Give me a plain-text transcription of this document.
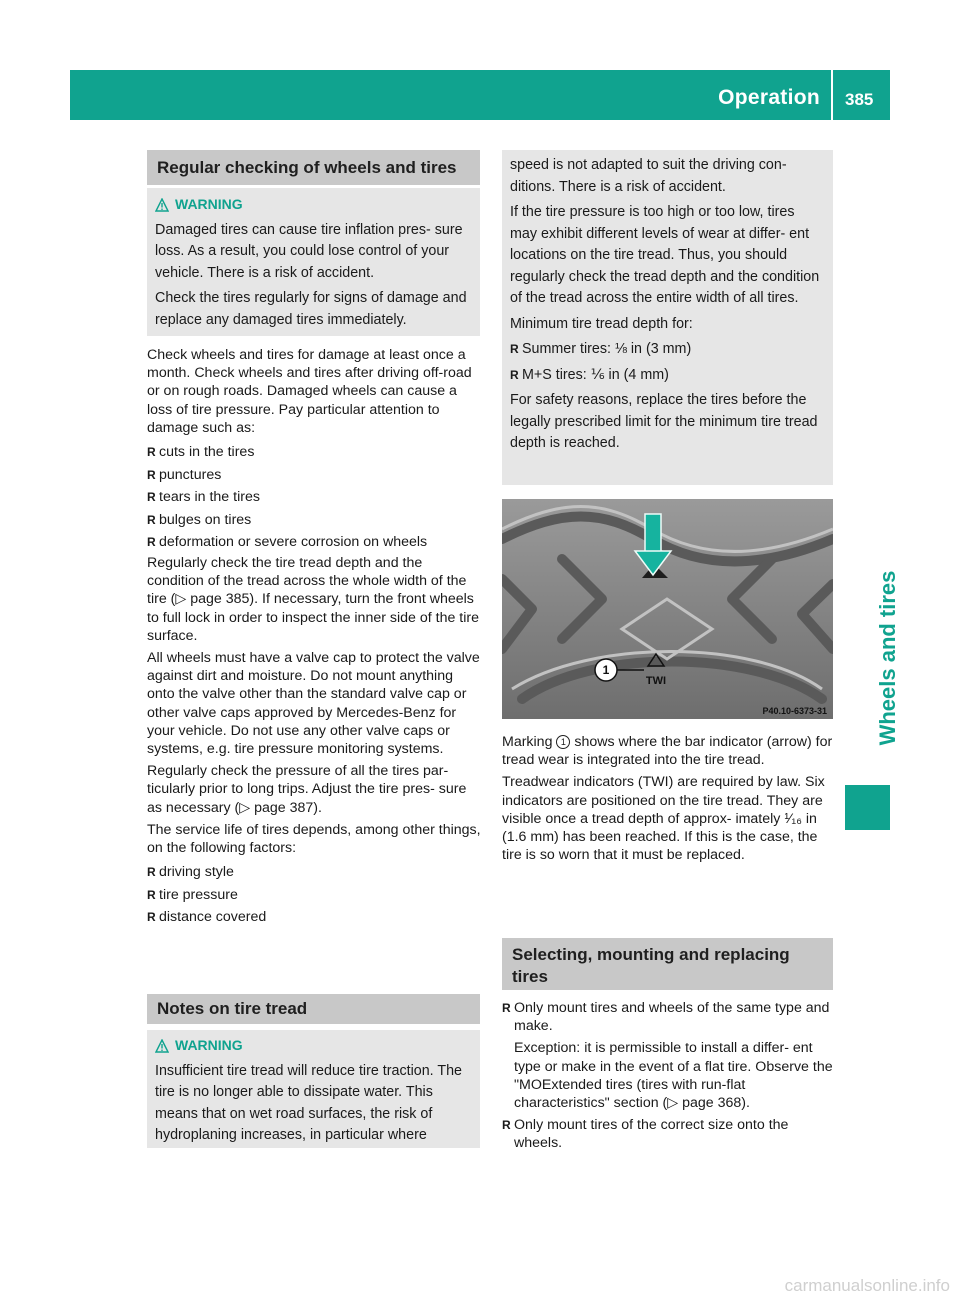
Operation 385
Wheels and tires
Regular checking of wheels and tires
WARNING

Damaged tires can cause tire inflation pres- sure loss. As a result, you could lose control of your vehicle. There is a risk of accident.

Check the tires regularly for signs of damage and replace any damaged tires immediately.

Check wheels and tires for damage at least once a month. Check wheels and tires after driving off-road or on rough roads. Damaged wheels can cause a loss of tire pressure. Pay particular attention to damage such as:

R cuts in the tires
R punctures
R tears in the tires
R bulges on tires
R deformation or severe corrosion on wheels

Regularly check the tire tread depth and the condition of the tread across the whole width of the tire (▷ page 385). If necessary, turn the front wheels to full lock in order to inspect the inner side of the tire surface.

All wheels must have a valve cap to protect the valve against dirt and moisture. Do not mount anything onto the valve other than the standard valve cap or other valve caps approved by Mercedes-Benz for your vehicle. Do not use any other valve caps or systems, e.g. tire pressure monitoring systems.

Regularly check the pressure of all the tires par- ticularly prior to long trips. Adjust the tire pres- sure as necessary (▷ page 387).

The service life of tires depends, among other things, on the following factors:

R driving style
R tire pressure
R distance covered
Notes on tire tread
WARNING

Insufficient tire tread will reduce tire traction. The tire is no longer able to dissipate water. This means that on wet road surfaces, the risk of hydroplaning increases, in particular where

speed is not adapted to suit the driving con- ditions. There is a risk of accident.

If the tire pressure is too high or too low, tires may exhibit different levels of wear at differ- ent locations on the tire tread. Thus, you should regularly check the tread depth and the condition of the tread across the entire width of all tires.

Minimum tire tread depth for:

R Summer tires: ⅛ in (3 mm)
R M+S tires: ⅙ in (4 mm)

For safety reasons, replace the tires before the legally prescribed limit for the minimum tire tread depth is reached.

1
TWI
P40.10-6373-31

Marking 1 shows where the bar indicator (arrow) for tread wear is integrated into the tire tread.

Treadwear indicators (TWI) are required by law. Six indicators are positioned on the tire tread. They are visible once a tread depth of approx- imately ¹⁄₁₆ in (1.6 mm) has been reached. If this is the case, the tire is so worn that it must be replaced.

Selecting, mounting and replacing tires

R Only mount tires and wheels of the same type and make.

Exception: it is permissible to install a differ- ent type or make in the event of a flat tire. Observe the "MOExtended tires (tires with run-flat characteristics" section (▷ page 368).

R Only mount tires of the correct size onto the wheels.
carmanualsonline.info
